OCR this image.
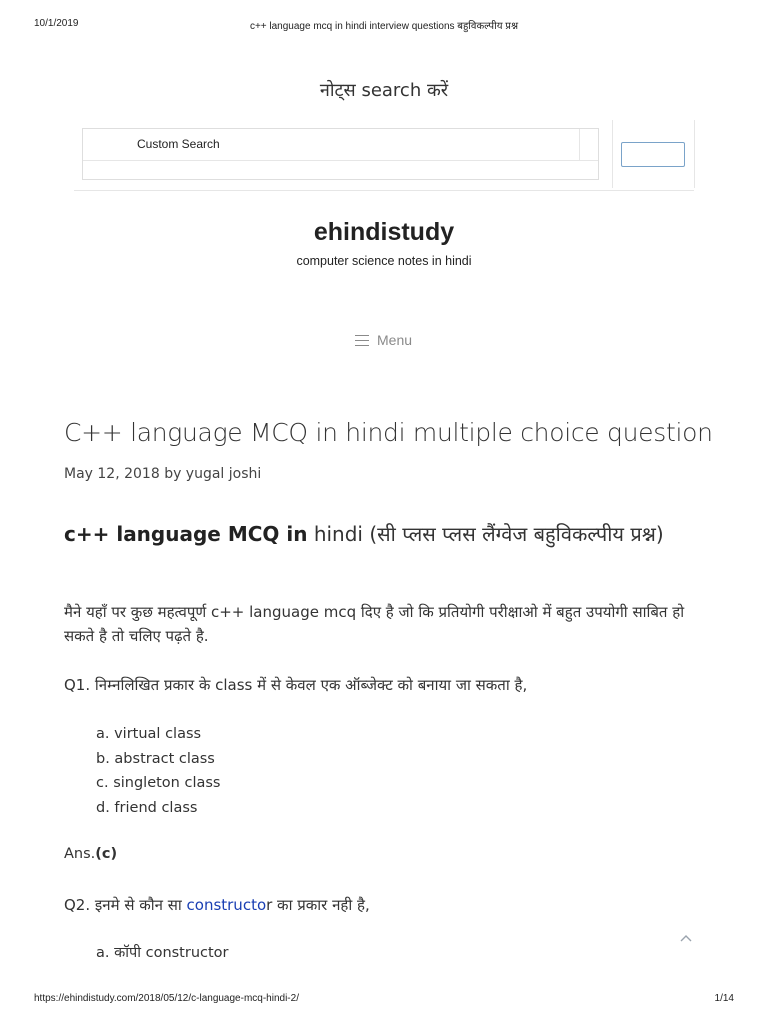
10/1/2019	c++ language mcq in hindi interview questions बहुविकल्पीय प्रश्न
नोट्स search करें
Custom Search
ehindistudy
computer science notes in hindi
Menu
C++ language MCQ in hindi multiple choice question
May 12, 2018 by yugal joshi

c++ language MCQ in hindi (सी प्लस प्लस लैंग्वेज बहुविकल्पीय प्रश्न)

मैने यहाँ पर कुछ महत्वपूर्ण c++ language mcq दिए है जो कि प्रतियोगी परीक्षाओ में बहुत उपयोगी साबित हो सकते है तो चलिए पढ़ते है.
Q1. निम्नलिखित प्रकार के class में से केवल एक ऑब्जेक्ट को बनाया जा सकता है,
a. virtual class
b. abstract class
c. singleton class
d. friend class
Ans.(c)
Q2. इनमे से कौन सा constructor का प्रकार नही है,
a. कॉपी constructor
https://ehindistudy.com/2018/05/12/c-language-mcq-hindi-2/	1/14
